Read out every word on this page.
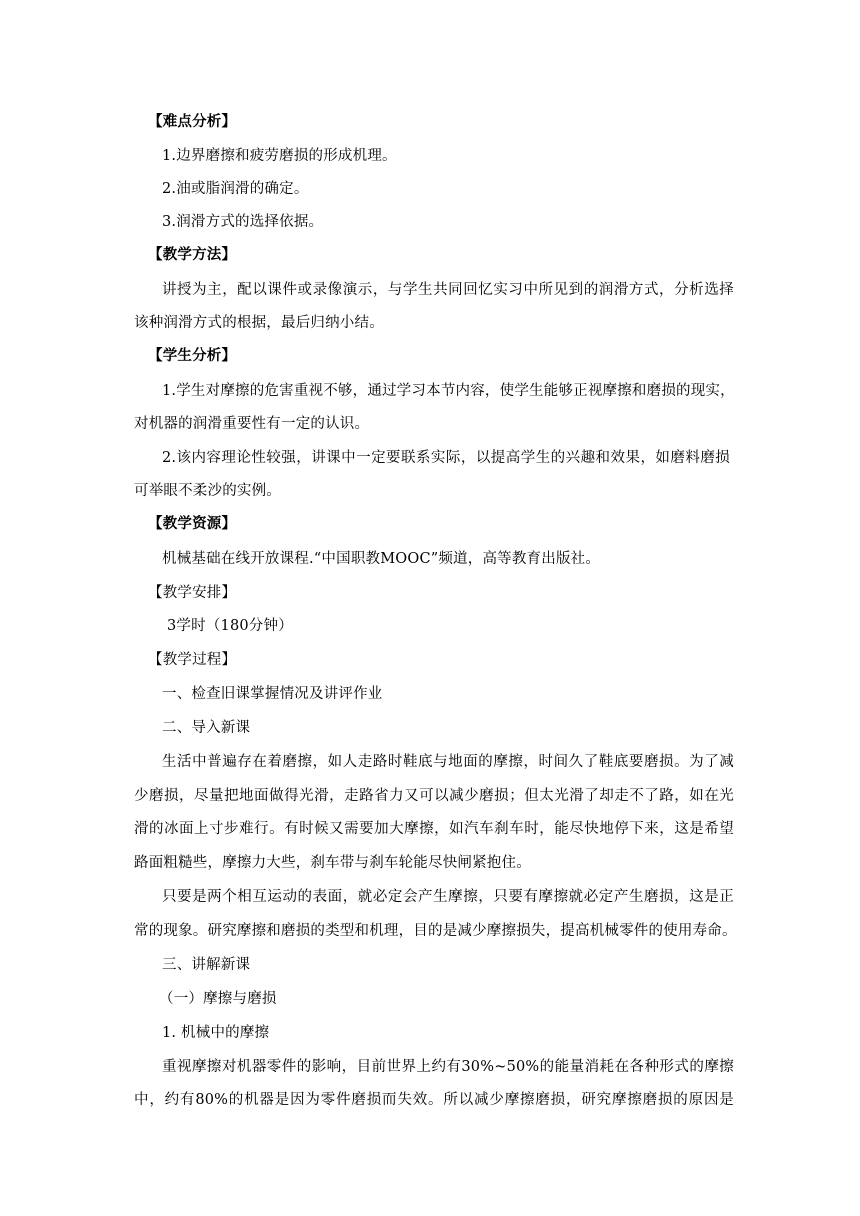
【难点分析】
1.边界磨擦和疲劳磨损的形成机理。
2.油或脂润滑的确定。
3.润滑方式的选择依据。
【教学方法】
讲授为主，配以课件或录像演示，与学生共同回忆实习中所见到的润滑方式，分析选择
该种润滑方式的根据，最后归纳小结。
【学生分析】
1.学生对摩擦的危害重视不够，通过学习本节内容，使学生能够正视摩擦和磨损的现实，
对机器的润滑重要性有一定的认识。
2.该内容理论性较强，讲课中一定要联系实际，以提高学生的兴趣和效果，如磨料磨损
可举眼不柔沙的实例。
【教学资源】
机械基础在线开放课程.“中国职教MOOC”频道，高等教育出版社。
【教学安排】
3学时（180分钟）
【教学过程】
一、检查旧课掌握情况及讲评作业
二、导入新课
生活中普遍存在着磨擦，如人走路时鞋底与地面的摩擦，时间久了鞋底要磨损。为了减
少磨损，尽量把地面做得光滑，走路省力又可以减少磨损；但太光滑了却走不了路，如在光
滑的冰面上寸步难行。有时候又需要加大摩擦，如汽车刹车时，能尽快地停下来，这是希望
路面粗糙些，摩擦力大些，刹车带与刹车轮能尽快闸紧抱住。
只要是两个相互运动的表面，就必定会产生摩擦，只要有摩擦就必定产生磨损，这是正
常的现象。研究摩擦和磨损的类型和机理，目的是减少摩擦损失，提高机械零件的使用寿命。
三、讲解新课
（一）摩擦与磨损
1. 机械中的摩擦
重视摩擦对机器零件的影响，目前世界上约有30%~50%的能量消耗在各种形式的摩擦
中，约有80%的机器是因为零件磨损而失效。所以减少摩擦磨损，研究摩擦磨损的原因是
